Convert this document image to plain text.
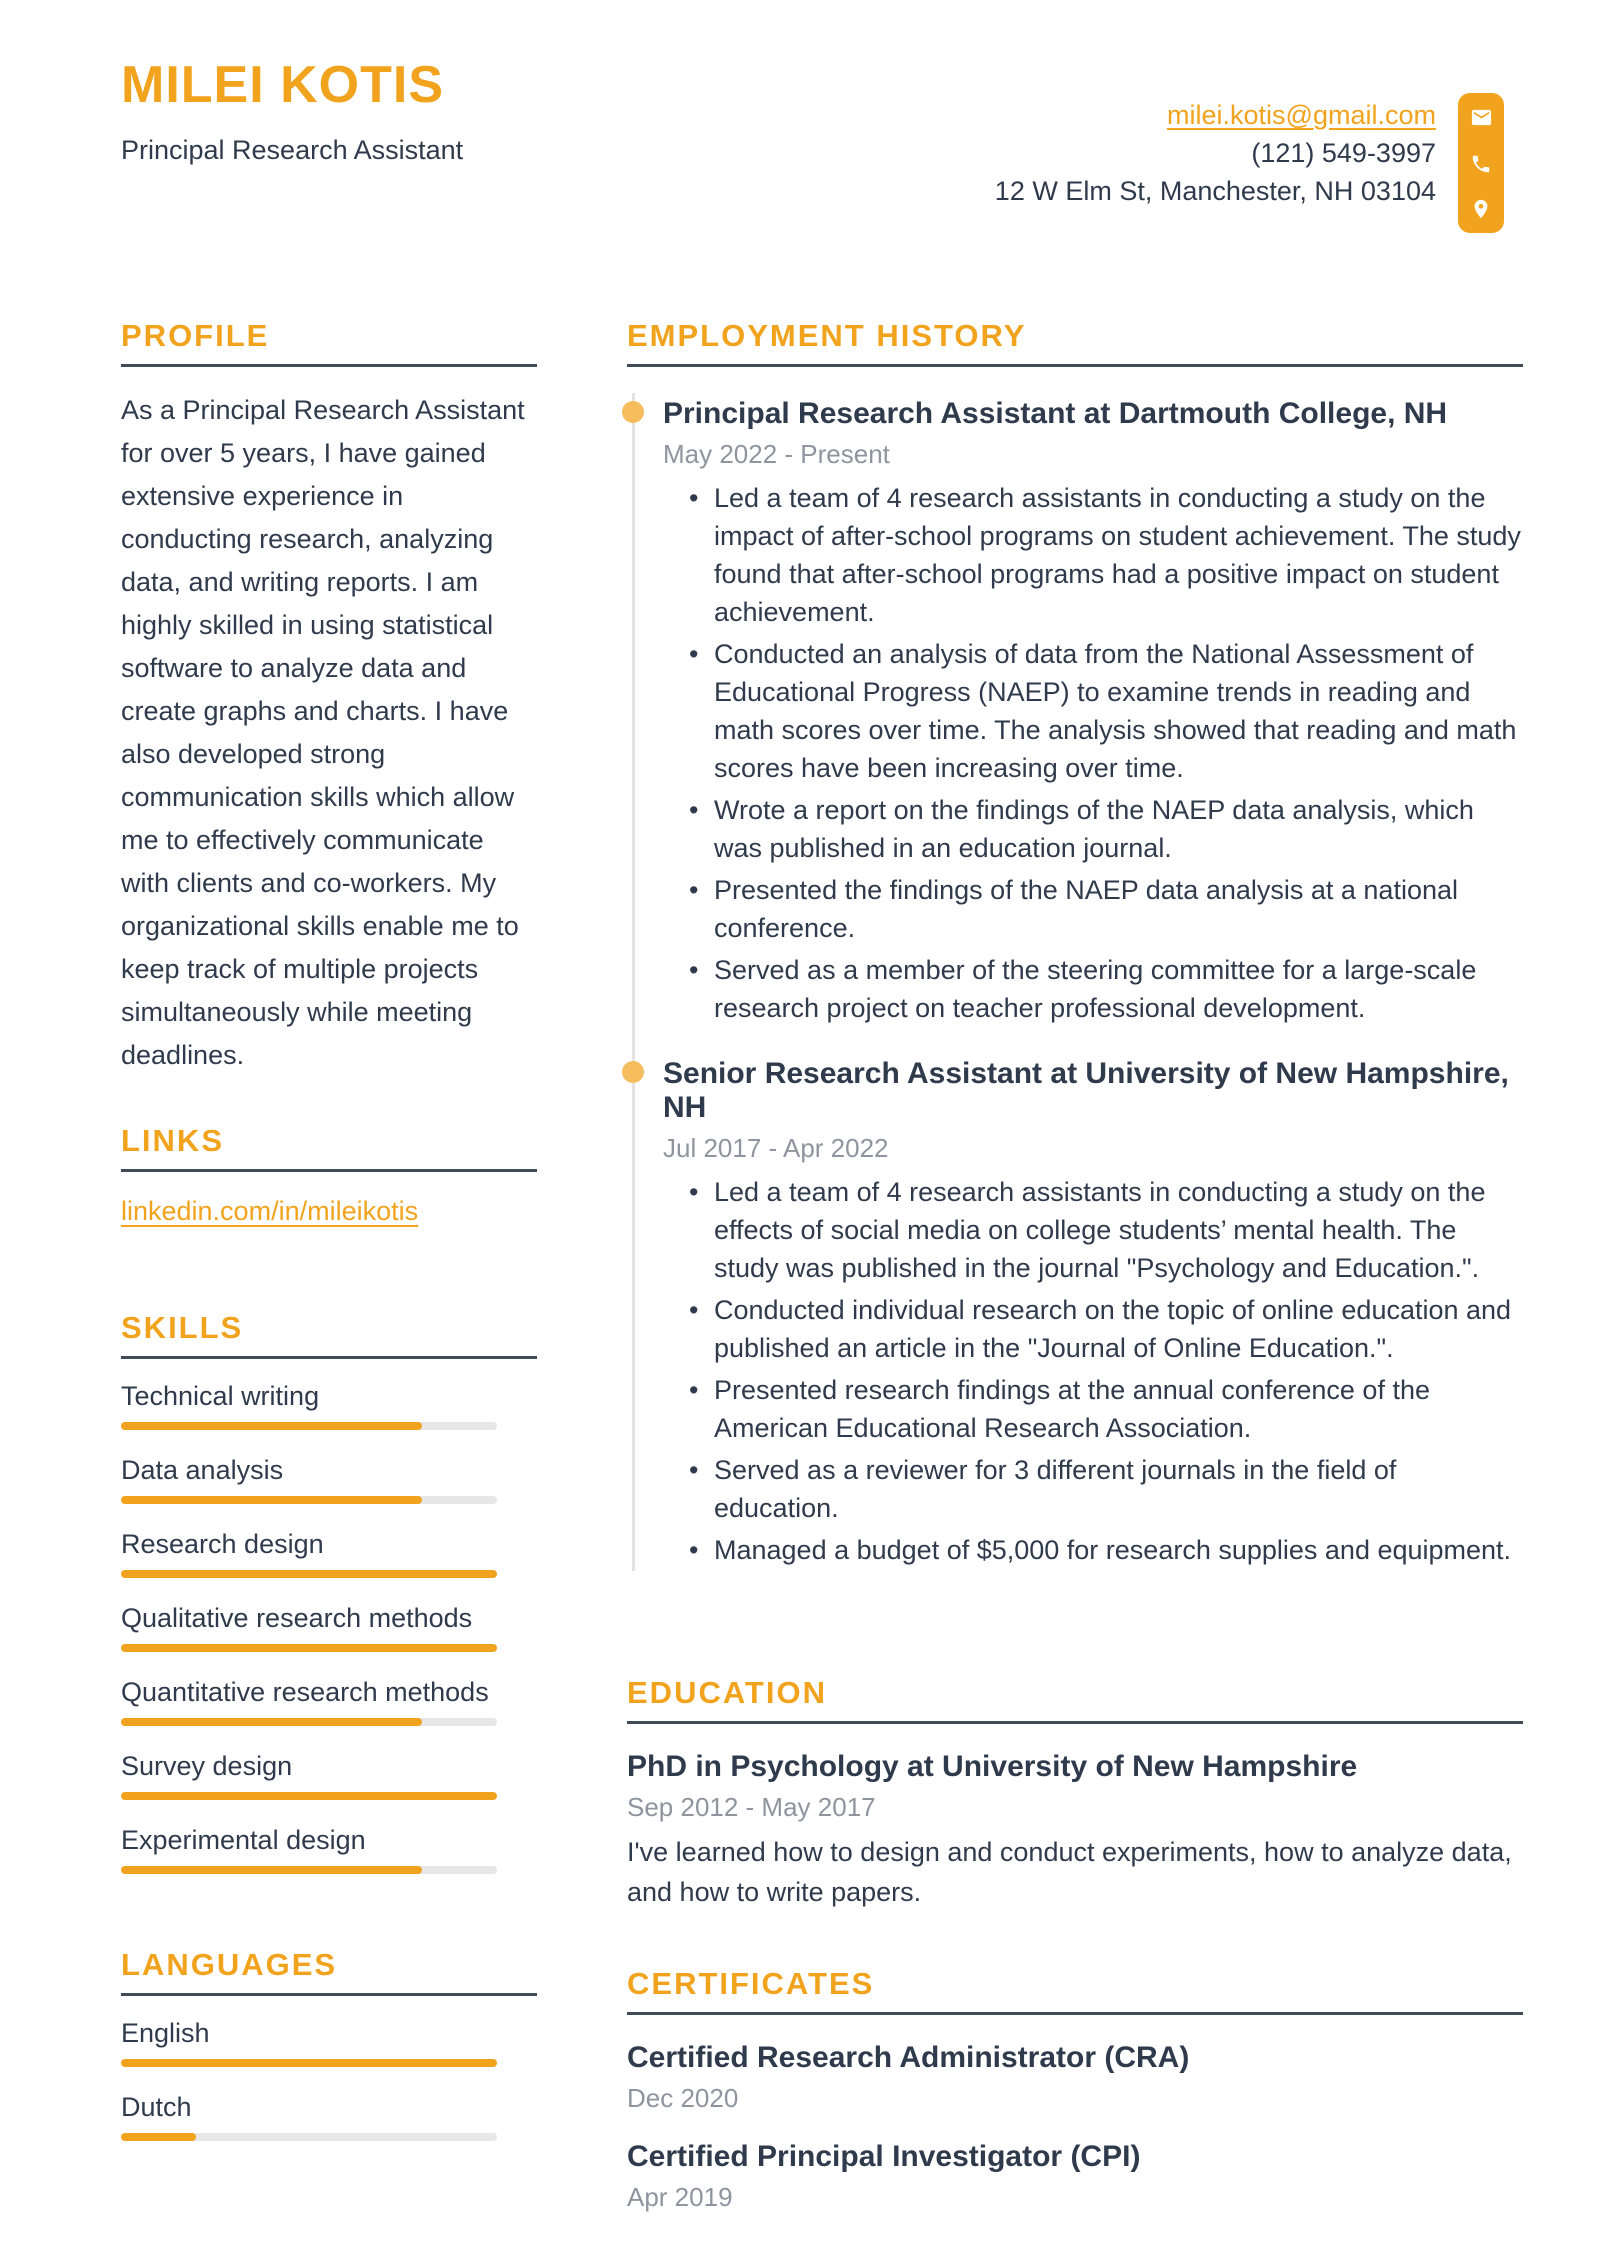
MILEI KOTIS
Principal Research Assistant
milei.kotis@gmail.com
(121) 549-3997
12 W Elm St, Manchester, NH 03104
PROFILE
As a Principal Research Assistant for over 5 years, I have gained extensive experience in conducting research, analyzing data, and writing reports. I am highly skilled in using statistical software to analyze data and create graphs and charts. I have also developed strong communication skills which allow me to effectively communicate with clients and co-workers. My organizational skills enable me to keep track of multiple projects simultaneously while meeting deadlines.
LINKS
linkedin.com/in/mileikotis
SKILLS
Technical writing
Data analysis
Research design
Qualitative research methods
Quantitative research methods
Survey design
Experimental design
LANGUAGES
English
Dutch
EMPLOYMENT HISTORY
Principal Research Assistant at Dartmouth College, NH
May 2022 - Present
• Led a team of 4 research assistants in conducting a study on the impact of after-school programs on student achievement. The study found that after-school programs had a positive impact on student achievement.
• Conducted an analysis of data from the National Assessment of Educational Progress (NAEP) to examine trends in reading and math scores over time. The analysis showed that reading and math scores have been increasing over time.
• Wrote a report on the findings of the NAEP data analysis, which was published in an education journal.
• Presented the findings of the NAEP data analysis at a national conference.
• Served as a member of the steering committee for a large-scale research project on teacher professional development.
Senior Research Assistant at University of New Hampshire, NH
Jul 2017 - Apr 2022
• Led a team of 4 research assistants in conducting a study on the effects of social media on college students’ mental health. The study was published in the journal "Psychology and Education.".
• Conducted individual research on the topic of online education and published an article in the "Journal of Online Education.".
• Presented research findings at the annual conference of the American Educational Research Association.
• Served as a reviewer for 3 different journals in the field of education.
• Managed a budget of $5,000 for research supplies and equipment.
EDUCATION
PhD in Psychology at University of New Hampshire
Sep 2012 - May 2017
I've learned how to design and conduct experiments, how to analyze data, and how to write papers.
CERTIFICATES
Certified Research Administrator (CRA)
Dec 2020
Certified Principal Investigator (CPI)
Apr 2019
